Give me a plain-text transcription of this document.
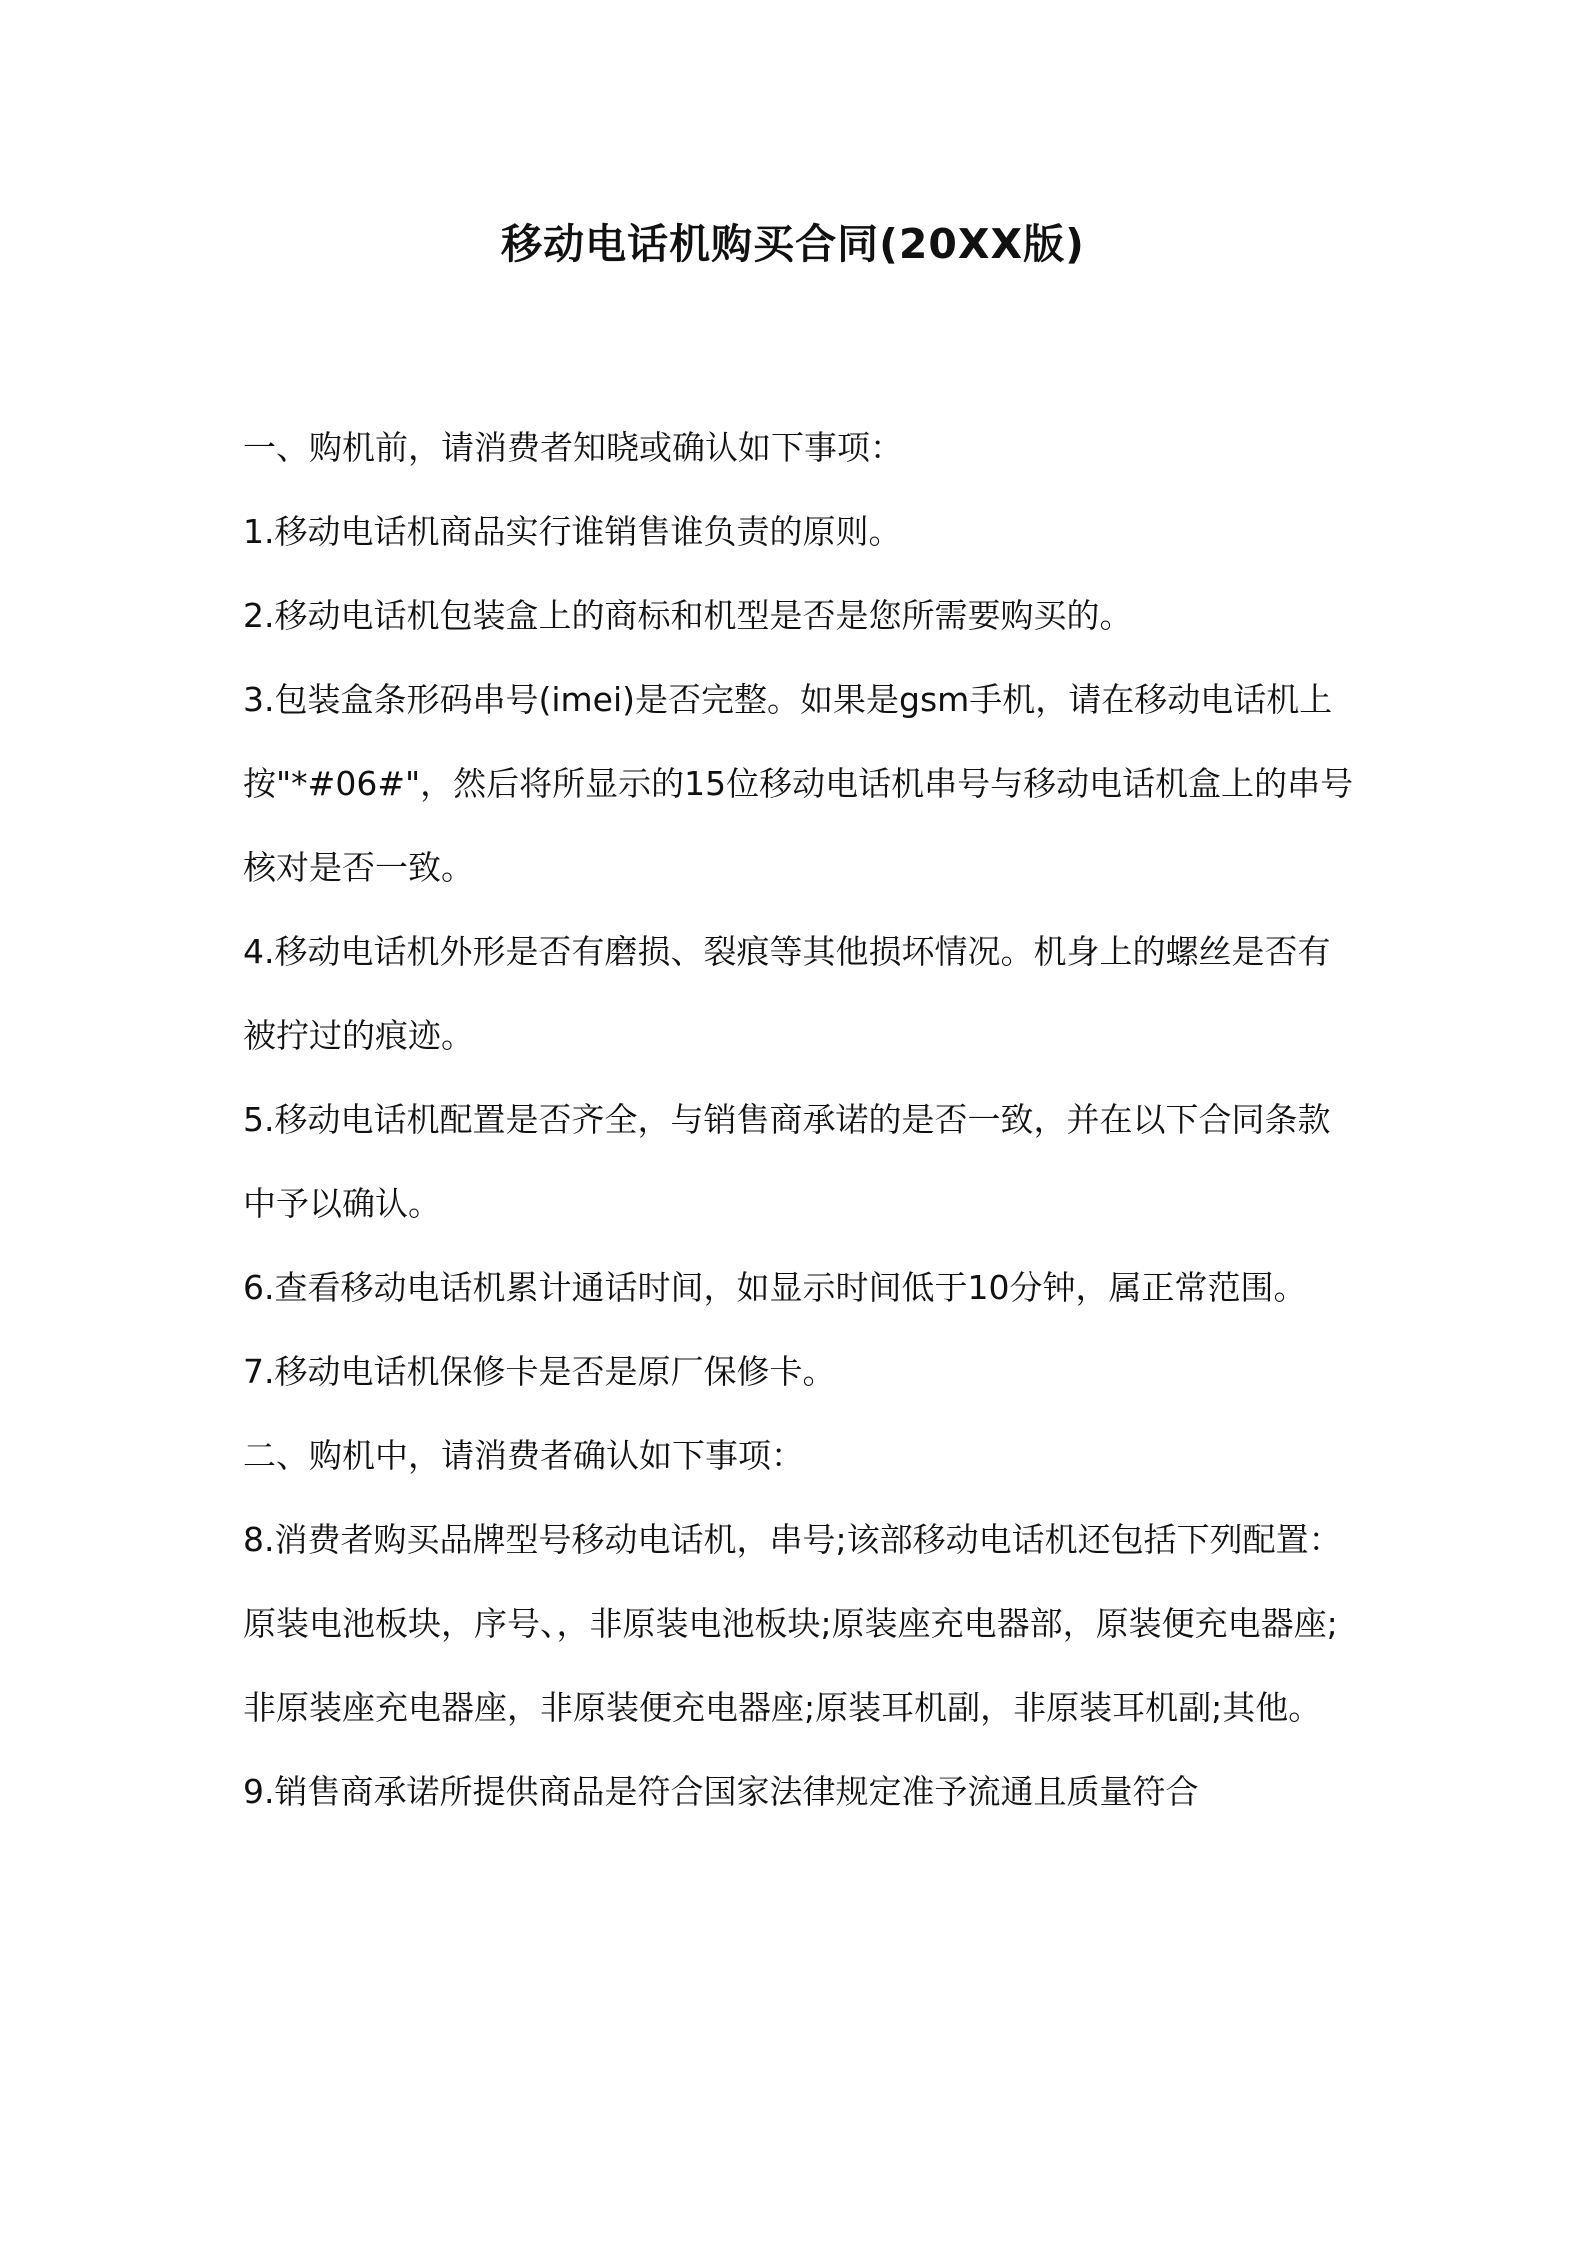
移动电话机购买合同(20XX版)

一、购机前，请消费者知晓或确认如下事项：

1.移动电话机商品实行谁销售谁负责的原则。

2.移动电话机包装盒上的商标和机型是否是您所需要购买的。

3.包装盒条形码串号(imei)是否完整。如果是gsm手机，请在移动电话机上按"*#06#"，然后将所显示的15位移动电话机串号与移动电话机盒上的串号核对是否一致。

4.移动电话机外形是否有磨损、裂痕等其他损坏情况。机身上的螺丝是否有被拧过的痕迹。

5.移动电话机配置是否齐全，与销售商承诺的是否一致，并在以下合同条款中予以确认。

6.查看移动电话机累计通话时间，如显示时间低于10分钟，属正常范围。

7.移动电话机保修卡是否是原厂保修卡。

二、购机中，请消费者确认如下事项：

8.消费者购买品牌型号移动电话机，串号;该部移动电话机还包括下列配置：原装电池板块，序号、，非原装电池板块;原装座充电器部，原装便充电器座;非原装座充电器座，非原装便充电器座;原装耳机副，非原装耳机副;其他。

9.销售商承诺所提供商品是符合国家法律规定准予流通且质量符合
